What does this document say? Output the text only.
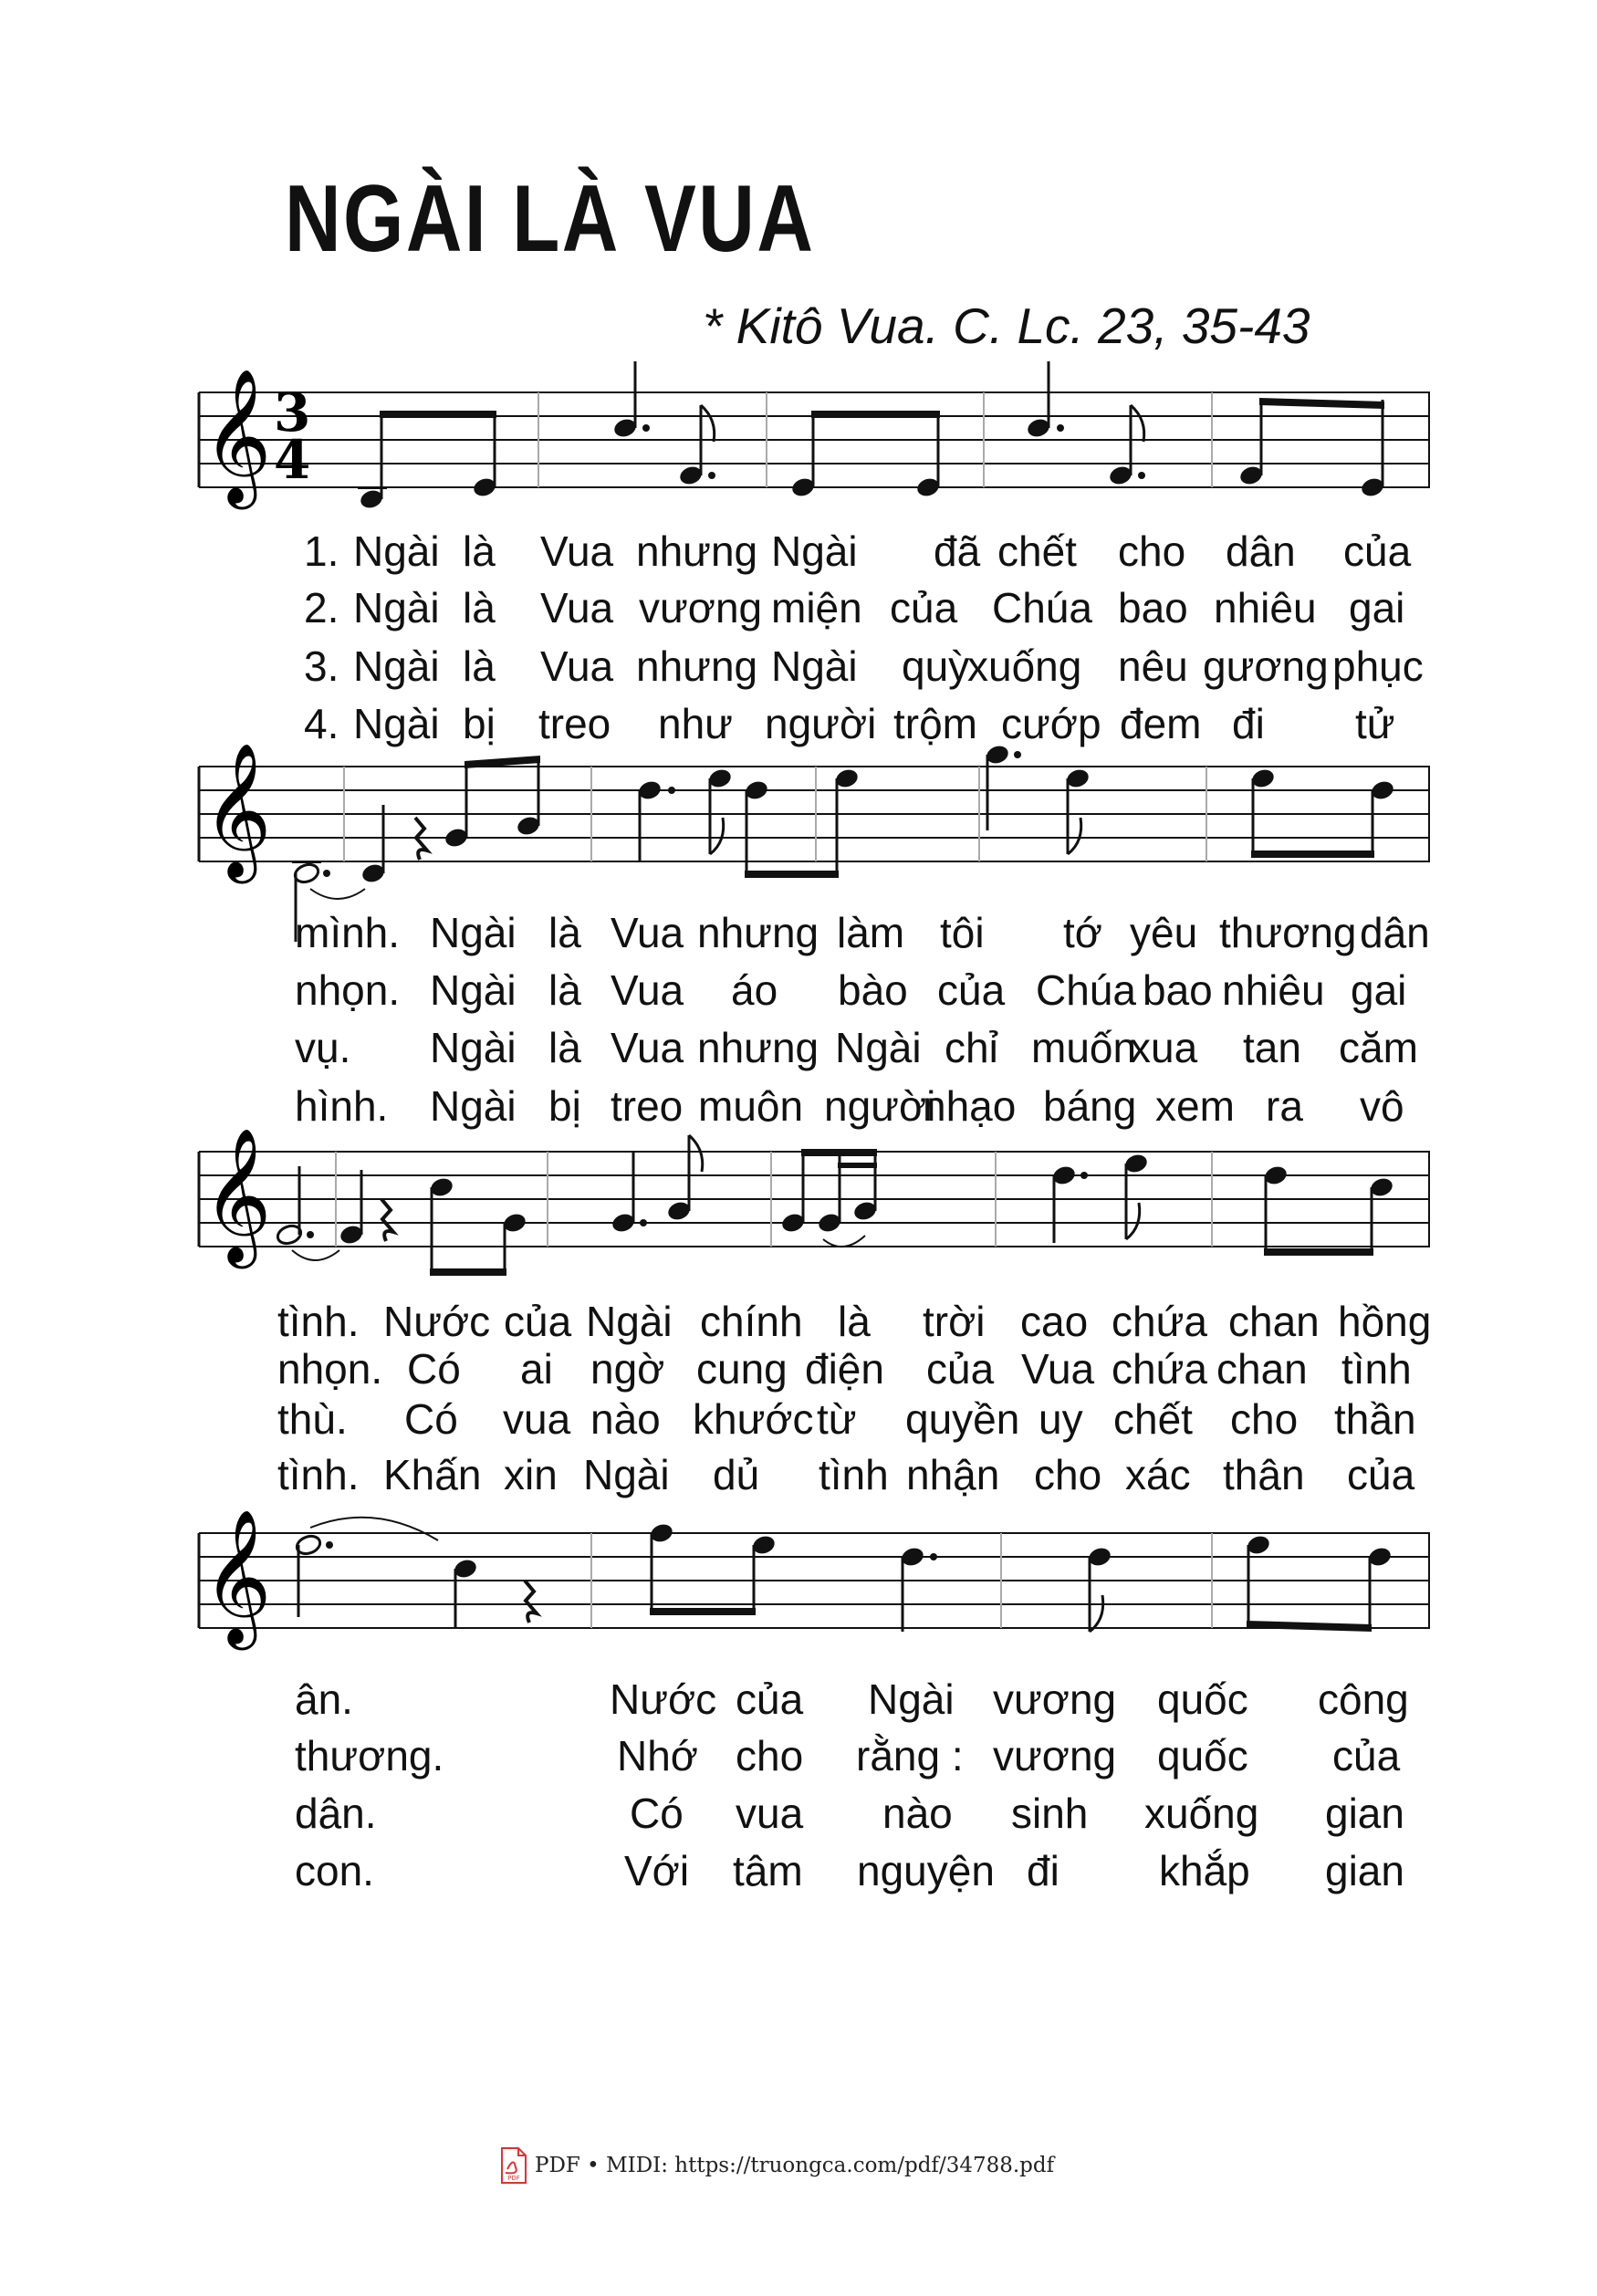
NGÀI LÀ VUA
* Kitô Vua. C. Lc. 23, 35-43
𝄞 3
4
1. Ngài là Vua nhưng Ngài đã chết cho dân của
2. Ngài là Vua vương miện của Chúa bao nhiêu gai
3. Ngài là Vua nhưng Ngài quỳ
xuống nêu gương phục
4. Ngài bị treo như người trộm cướp đem đi tử
𝄞
mình. Ngài là Vua nhưng làm tôi tớ yêu thương dân
nhọn. Ngài là Vua áo bào của Chúa bao nhiêu gai
vụ. Ngài là Vua nhưng Ngài chỉ muốn
xua tan căm
hình. Ngài bị treo muôn người
nhạo báng xem ra vô
𝄞
tình. Nước của Ngài chính là trời cao chứa chan hồng
nhọn. Có ai ngờ cung điện của Vua chứa chan tình
thù. Có vua nào khước từ quyền uy chết cho thần
tình. Khấn xin Ngài dủ tình nhận cho xác thân của
𝄞
ân.	Nước của Ngài vương quốc công
thương.	Nhớ cho rằng : vương quốc của
dân.	Có vua nào sinh xuống gian
con.	Với tâm nguyện đi khắp gian
PDF
PDF • MIDI: https://truongca.com/pdf/34788.pdf
